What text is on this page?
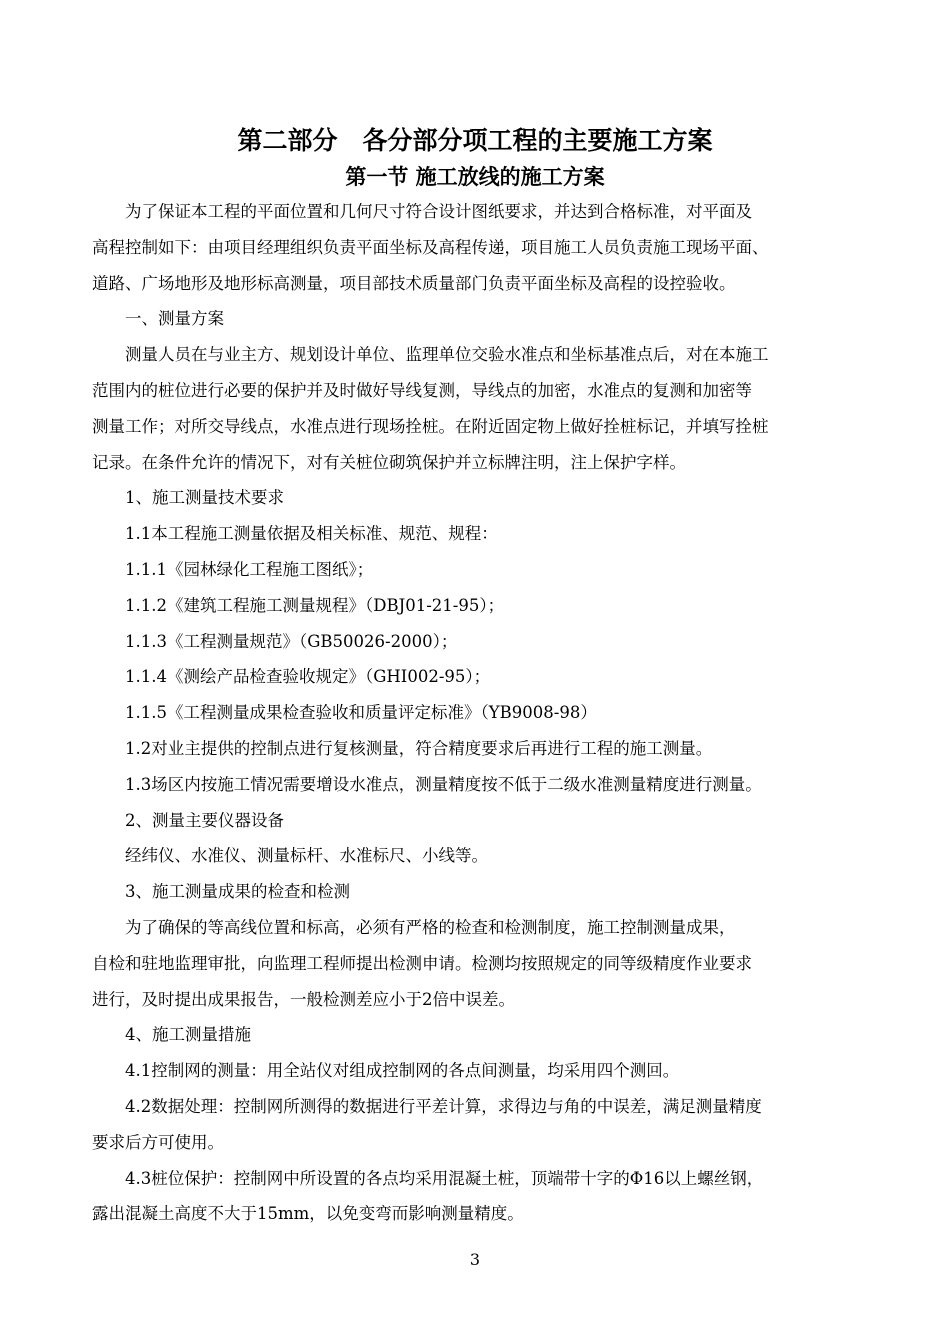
第二部分　各分部分项工程的主要施工方案
第一节 施工放线的施工方案
　　为了保证本工程的平面位置和几何尺寸符合设计图纸要求，并达到合格标准，对平面及
高程控制如下：由项目经理组织负责平面坐标及高程传递，项目施工人员负责施工现场平面、
道路、广场地形及地形标高测量，项目部技术质量部门负责平面坐标及高程的设控验收。
　　一、测量方案
　　测量人员在与业主方、规划设计单位、监理单位交验水准点和坐标基准点后，对在本施工
范围内的桩位进行必要的保护并及时做好导线复测，导线点的加密，水准点的复测和加密等
测量工作；对所交导线点，水准点进行现场拴桩。在附近固定物上做好拴桩标记，并填写拴桩
记录。在条件允许的情况下，对有关桩位砌筑保护并立标牌注明，注上保护字样。
　　1、施工测量技术要求
　　1.1本工程施工测量依据及相关标准、规范、规程：
　　1.1.1《园林绿化工程施工图纸》；
　　1.1.2《建筑工程施工测量规程》（DBJ01-21-95）；
　　1.1.3《工程测量规范》（GB50026-2000）；
　　1.1.4《测绘产品检查验收规定》（GHI002-95）；
　　1.1.5《工程测量成果检查验收和质量评定标准》（YB9008-98）
　　1.2对业主提供的控制点进行复核测量，符合精度要求后再进行工程的施工测量。
　　1.3场区内按施工情况需要增设水准点，测量精度按不低于二级水准测量精度进行测量。
　　2、测量主要仪器设备
　　经纬仪、水准仪、测量标杆、水准标尺、小线等。
　　3、施工测量成果的检查和检测
　　为了确保的等高线位置和标高，必须有严格的检查和检测制度，施工控制测量成果，
自检和驻地监理审批，向监理工程师提出检测申请。检测均按照规定的同等级精度作业要求
进行，及时提出成果报告，一般检测差应小于2倍中误差。
　　4、施工测量措施
　　4.1控制网的测量：用全站仪对组成控制网的各点间测量，均采用四个测回。
　　4.2数据处理：控制网所测得的数据进行平差计算，求得边与角的中误差，满足测量精度
要求后方可使用。
　　4.3桩位保护：控制网中所设置的各点均采用混凝土桩，顶端带十字的Φ16以上螺丝钢，
露出混凝土高度不大于15mm，以免变弯而影响测量精度。
3
